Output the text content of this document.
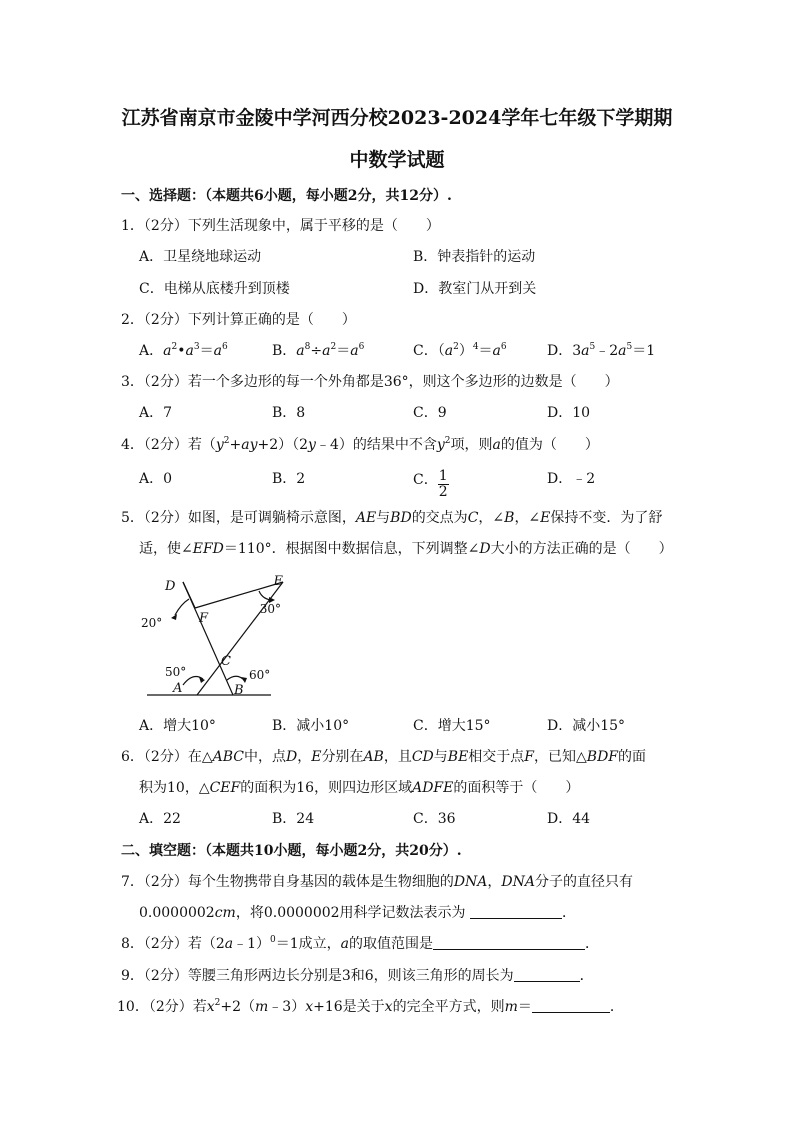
江苏省南京市金陵中学河西分校2023-2024学年七年级下学期期
中数学试题
一、选择题：（本题共6小题，每小题2分，共12分）.
1．（2分）下列生活现象中，属于平移的是（　　）
A．卫星绕地球运动	B．钟表指针的运动
C．电梯从底楼升到顶楼	D．教室门从开到关
2．（2分）下列计算正确的是（　　）
A．$a^2•a^3=a^6$	B．$a^8\div a^2=a^6$	C．$(a^2)^4=a^6$	D．$3a^5﹣2a^5=1$
3．（2分）若一个多边形的每一个外角都是36°，则这个多边形的边数是（　　）
A．7	B．8	C．9	D．10
4．（2分）若$(y^2+ay+2)(2y﹣4)$的结果中不含$y^2$项，则a的值为（　　）
A．0	B．2	C． $\frac{1}{2}$	D．﹣2
5．（2分）如图，是可调躺椅示意图，AE与BD的交点为C，∠B，∠E保持不变．为了舒
适，使∠EFD＝110°．根据图中数据信息，下列调整∠D大小的方法正确的是（　　）
D	E
F
C
A	B
20°
30°
50°	60°
A．增大10°	B．减小10°	C．增大15°	D．减小15°
6．（2分）在△ABC中，点D，E分别在AB，且CD与BE相交于点F，已知△BDF的面
积为10，△CEF的面积为16，则四边形区域ADFE的面积等于（　　）
A．22	B．24	C．36	D．44
二、填空题：（本题共10小题，每小题2分，共20分）.
7．（2分）每个生物携带自身基因的载体是生物细胞的DNA，DNA分子的直径只有
0.0000002cm，将0.0000002用科学记数法表示为	．
8．（2分）若（2a﹣1）$^0$＝1成立，a的取值范围是	．
9．（2分）等腰三角形两边长分别是3和6，则该三角形的周长为	．
10．（2分）若$x^2+2(m﹣3)x+16$是关于x的完全平方式，则m＝	．
